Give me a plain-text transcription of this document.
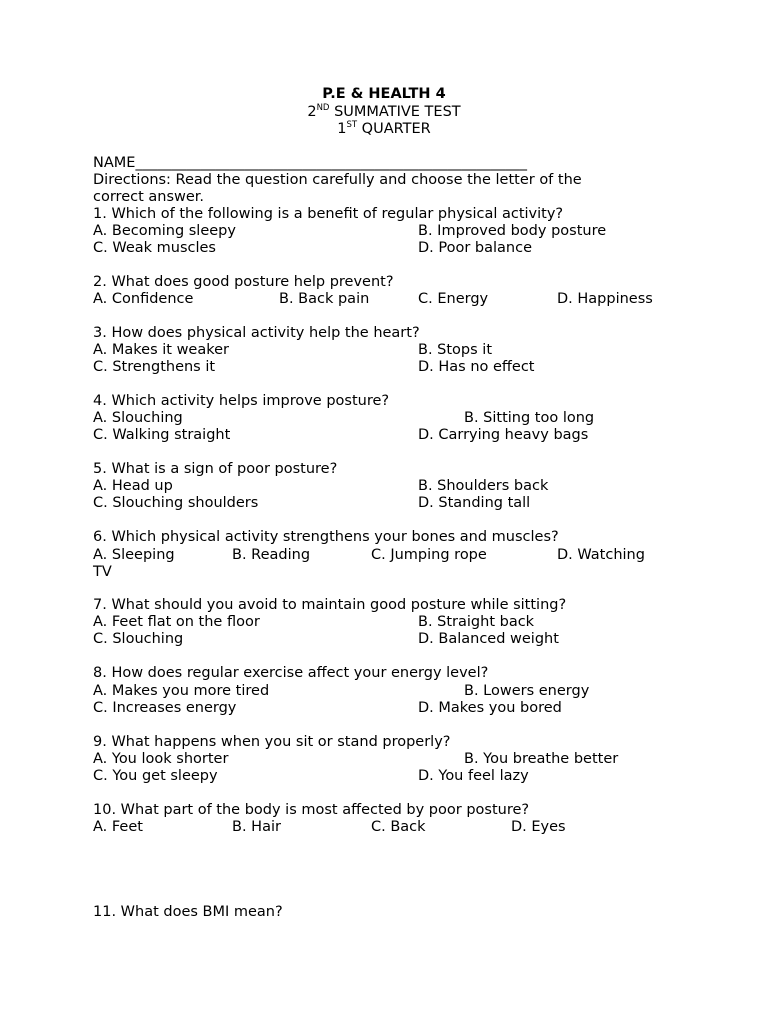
P.E & HEALTH 4
2ND SUMMATIVE TEST
1ST QUARTER
NAME______________________________________________________
Directions: Read the question carefully and choose the letter of the
correct answer.
1. Which of the following is a benefit of regular physical activity?
A. Becoming sleepy	B. Improved body posture
C. Weak muscles	D. Poor balance
2. What does good posture help prevent?
A. Confidence	B. Back pain	C. Energy	D. Happiness
3. How does physical activity help the heart?
A. Makes it weaker	B. Stops it
C. Strengthens it	D. Has no effect
4. Which activity helps improve posture?
A. Slouching	B. Sitting too long
C. Walking straight	D. Carrying heavy bags
5. What is a sign of poor posture?
A. Head up	B. Shoulders back
C. Slouching shoulders	D. Standing tall
6. Which physical activity strengthens your bones and muscles?
A. Sleeping	B. Reading	C. Jumping rope	D. Watching
TV
7. What should you avoid to maintain good posture while sitting?
A. Feet flat on the floor	B. Straight back
C. Slouching	D. Balanced weight
8. How does regular exercise affect your energy level?
A. Makes you more tired	B. Lowers energy
C. Increases energy	D. Makes you bored
9. What happens when you sit or stand properly?
A. You look shorter	B. You breathe better
C. You get sleepy	D. You feel lazy
10. What part of the body is most affected by poor posture?
A. Feet	B. Hair	C. Back	D. Eyes
11. What does BMI mean?
